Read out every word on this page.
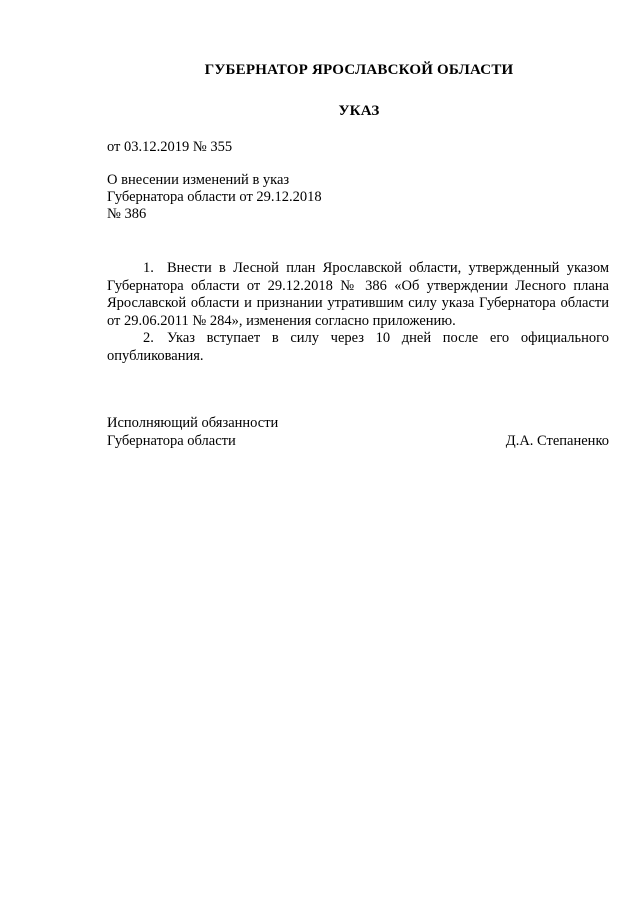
ГУБЕРНАТОР ЯРОСЛАВСКОЙ ОБЛАСТИ
УКАЗ
от 03.12.2019 № 355
О внесении изменений в указ
Губернатора области от 29.12.2018
№ 386

1. Внести в Лесной план Ярославской области, утвержденный указом Губернатора области от 29.12.2018 № 386 «Об утверждении Лесного плана Ярославской области и признании утратившим силу указа Губернатора области от 29.06.2011 № 284», изменения согласно приложению.

2. Указ вступает в силу через 10 дней после его официального опубликования.

Исполняющий обязанности
Губернатора области	Д.А. Степаненко
